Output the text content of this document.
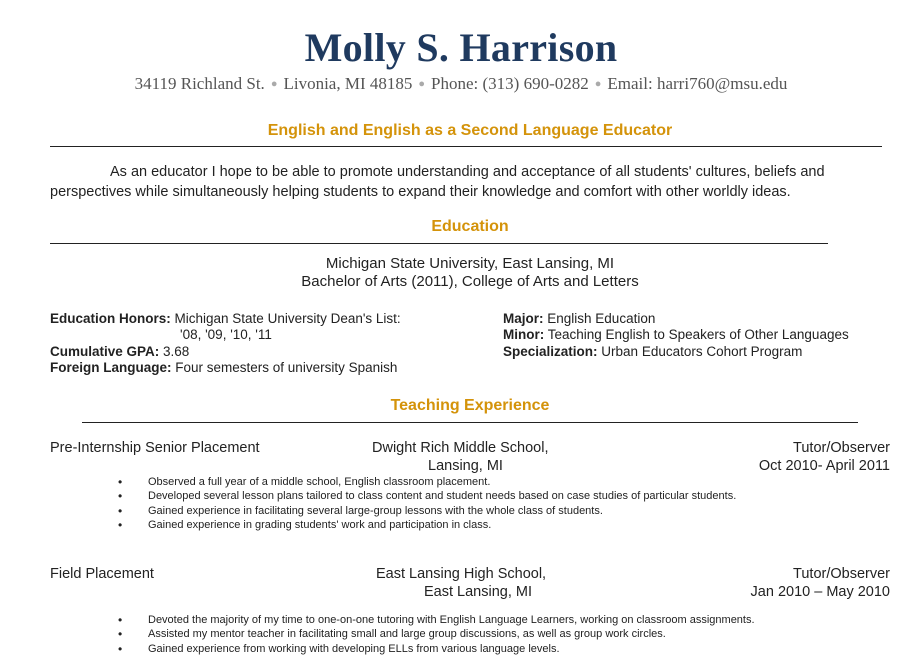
Molly S. Harrison
34119 Richland St. ● Livonia, MI 48185 ● Phone: (313) 690-0282 ● Email: harri760@msu.edu
English and English as a Second Language Educator
As an educator I hope to be able to promote understanding and acceptance of all students' cultures, beliefs and perspectives while simultaneously helping students to expand their knowledge and comfort with other worldly ideas.
Education
Michigan State University, East Lansing, MI
Bachelor of Arts (2011), College of Arts and Letters
Education Honors: Michigan State University Dean's List:
'08, '09, '10, '11
Cumulative GPA: 3.68
Foreign Language: Four semesters of university Spanish
Major: English Education
Minor: Teaching English to Speakers of Other Languages
Specialization: Urban Educators Cohort Program
Teaching Experience
Pre-Internship Senior Placement	Dwight Rich Middle School,
Lansing, MI
Tutor/Observer
Oct 2010- April 2011
• Observed a full year of a middle school, English classroom placement.
• Developed several lesson plans tailored to class content and student needs based on case studies of particular students.
• Gained experience in facilitating several large-group lessons with the whole class of students.
• Gained experience in grading students' work and participation in class.
Field Placement	East Lansing High School,
East Lansing, MI
Tutor/Observer
Jan 2010 – May 2010
• Devoted the majority of my time to one-on-one tutoring with English Language Learners, working on classroom assignments.
• Assisted my mentor teacher in facilitating small and large group discussions, as well as group work circles.
• Gained experience from working with developing ELLs from various language levels.
